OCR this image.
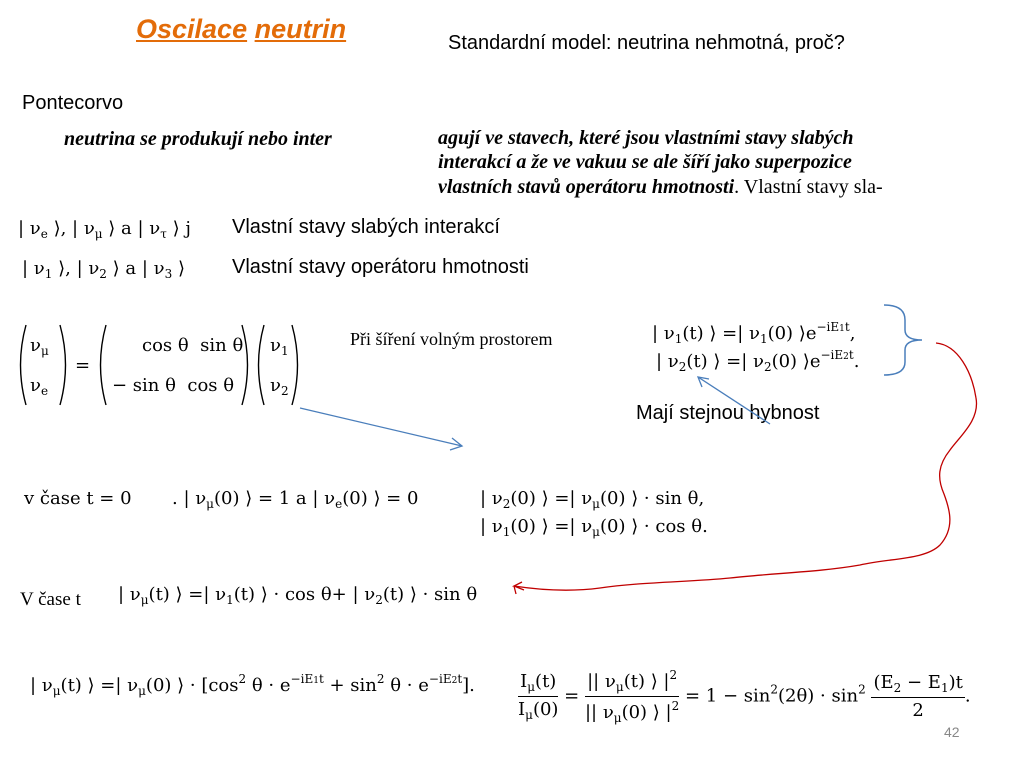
Oscilace neutrin	Standardní model: neutrina nehmotná, proč?
Pontecorvo
neutrina se produkují nebo inter	agují ve stavech, které jsou vlastními stavy slabých
interakcí a že ve vakuu se ale šíří jako superpozice
vlastních stavů operátoru hmotnosti. Vlastní stavy sla-
| $\nu_e$ ⟩, | $\nu_\mu$ ⟩ a | $\nu_\tau$ ⟩ j Vlastní stavy slabých interakcí
| $\nu_1$ ⟩, | $\nu_2$ ⟩ a | $\nu_3$ ⟩ Vlastní stavy operátoru hmotnosti
$\nu_\mu$
$\nu_e$
=
cos θ  sin θ
− sin θ  cos θ
$\nu_1$
$\nu_2$
Při šíření volným prostorem	| $\nu_1(t)$ ⟩ =| $\nu_1(0)$ $⟩e^{-iE1t}$,
| $\nu_2(t)$ ⟩ =| $\nu_2(0)$ $⟩e^{-iE2t}$.
Mají stejnou hybnost
v čase t = 0 . | $\nu_\mu(0)$ ⟩ = 1 a | $\nu_e(0)$ ⟩ = 0	| $\nu_2(0)$ ⟩ =| $\nu_\mu(0)$ ⟩ · sin θ,
| $\nu_1(0)$ ⟩ =| $\nu_\mu(0)$ ⟩ · cos θ.
V čase t | $\nu_\mu(t)$ ⟩ =| $\nu_1(t)$ ⟩ · cos θ+ | $\nu_2(t)$ ⟩ · sin θ
| $\nu_\mu(t)$ ⟩ =| $\nu_\mu(0)$ ⟩ · [$\cos^2$ $\theta \cdot e^{-iE1t} + \sin^2 \theta \cdot e^{-iE2t}$]. $\frac{I_\mu(t)}{I_\mu(0)} = \frac{|| \nu_\mu(t) ⟩ |^2}{|| \nu_\mu(0) ⟩ |^2} = 1 - \sin^2(2\theta) \cdot \sin^2 \frac{(E_2 - E_1)t}{2}$ .
42
